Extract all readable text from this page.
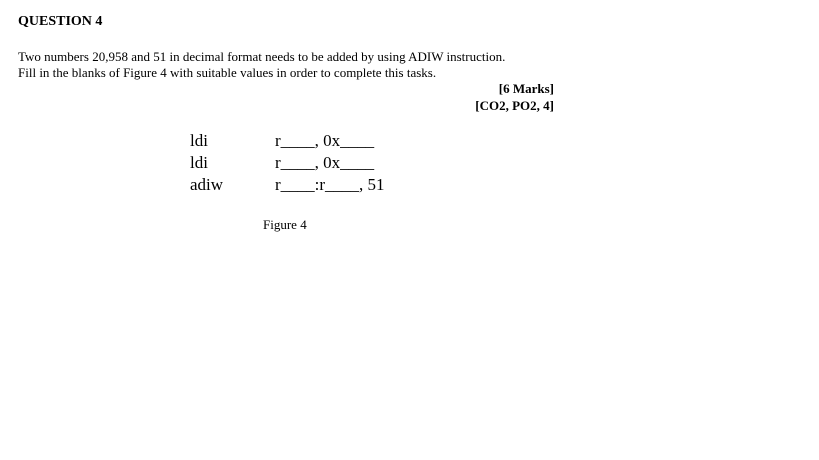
QUESTION 4
Two numbers 20,958 and 51 in decimal format needs to be added by using ADIW instruction.
Fill in the blanks of Figure 4 with suitable values in order to complete this tasks.
[6 Marks]
[CO2, PO2, 4]
ldi	r____, 0x____
ldi	r____, 0x____
adiw	r____:r____, 51
Figure 4
